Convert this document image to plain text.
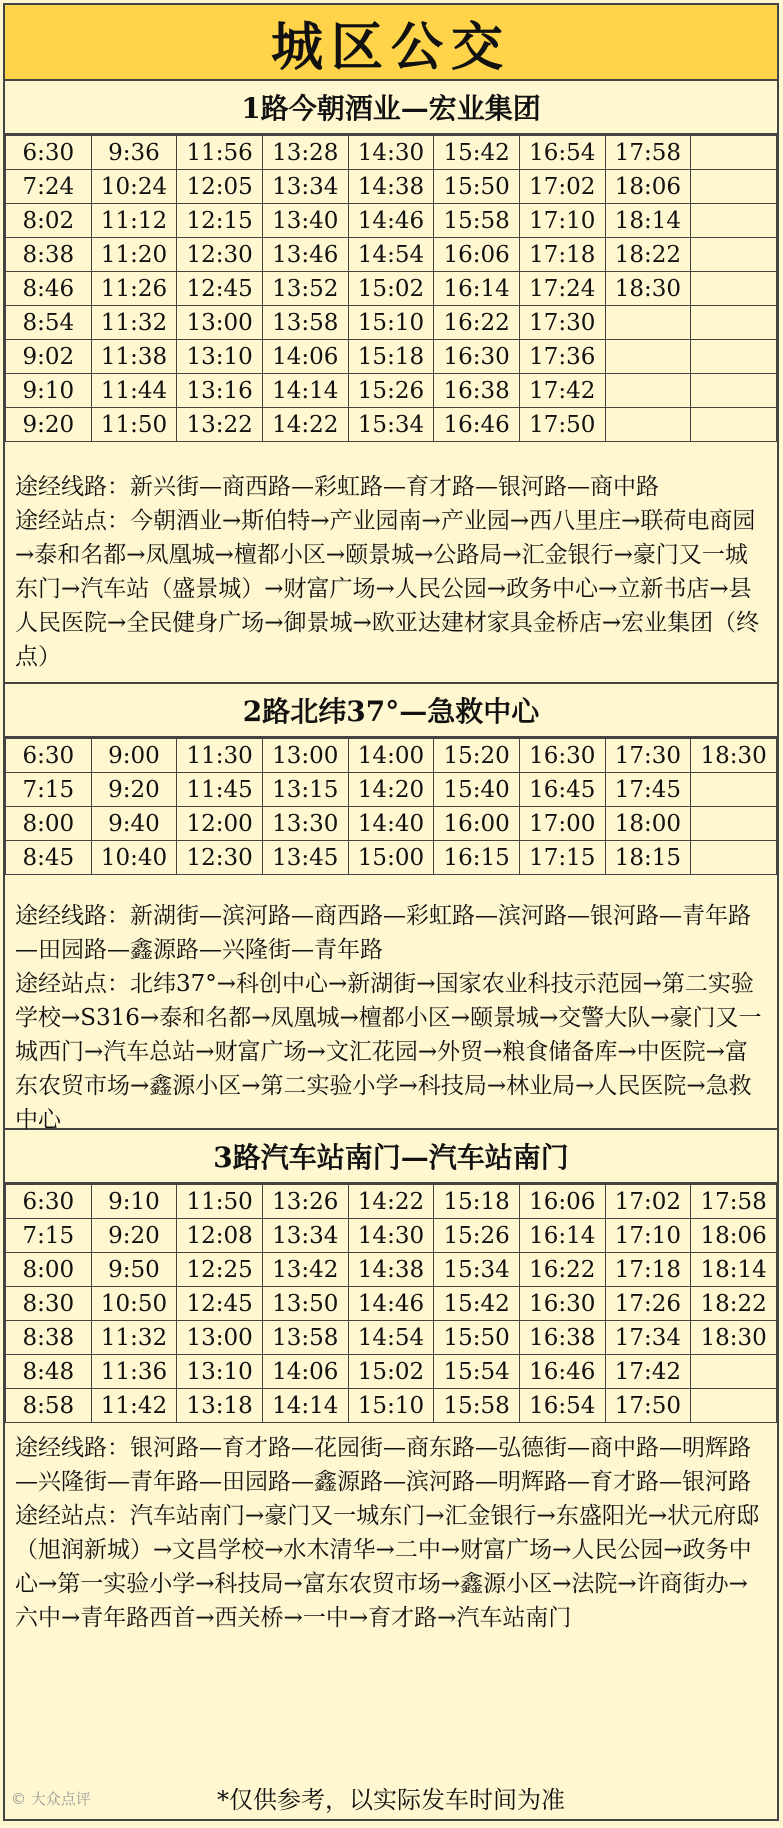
城区公交
1路今朝酒业—宏业集团
6:30	9:36	11:56	13:28	14:30	15:42	16:54	17:58	
7:24	10:24	12:05	13:34	14:38	15:50	17:02	18:06	
8:02	11:12	12:15	13:40	14:46	15:58	17:10	18:14	
8:38	11:20	12:30	13:46	14:54	16:06	17:18	18:22	
8:46	11:26	12:45	13:52	15:02	16:14	17:24	18:30	
8:54	11:32	13:00	13:58	15:10	16:22	17:30		
9:02	11:38	13:10	14:06	15:18	16:30	17:36		
9:10	11:44	13:16	14:14	15:26	16:38	17:42		
9:20	11:50	13:22	14:22	15:34	16:46	17:50		

途经线路：新兴街—商西路—彩虹路—育才路—银河路—商中路

途经站点：今朝酒业→斯伯特→产业园南→产业园→西八里庄→联荷电商园→泰和名都→凤凰城→檀都小区→颐景城→公路局→汇金银行→豪门又一城东门→汽车站（盛景城）→财富广场→人民公园→政务中心→立新书店→县人民医院→全民健身广场→御景城→欧亚达建材家具金桥店→宏业集团（终点）

2路北纬37°—急救中心
6:30	9:00	11:30	13:00	14:00	15:20	16:30	17:30	18:30
7:15	9:20	11:45	13:15	14:20	15:40	16:45	17:45	
8:00	9:40	12:00	13:30	14:40	16:00	17:00	18:00	
8:45	10:40	12:30	13:45	15:00	16:15	17:15	18:15	

途经线路：新湖街—滨河路—商西路—彩虹路—滨河路—银河路—青年路—田园路—鑫源路—兴隆街—青年路

途经站点：北纬37°→科创中心→新湖街→国家农业科技示范园→第二实验学校→S316→泰和名都→凤凰城→檀都小区→颐景城→交警大队→豪门又一城西门→汽车总站→财富广场→文汇花园→外贸→粮食储备库→中医院→富东农贸市场→鑫源小区→第二实验小学→科技局→林业局→人民医院→急救中心

3路汽车站南门—汽车站南门
6:30	9:10	11:50	13:26	14:22	15:18	16:06	17:02	17:58
7:15	9:20	12:08	13:34	14:30	15:26	16:14	17:10	18:06
8:00	9:50	12:25	13:42	14:38	15:34	16:22	17:18	18:14
8:30	10:50	12:45	13:50	14:46	15:42	16:30	17:26	18:22
8:38	11:32	13:00	13:58	14:54	15:50	16:38	17:34	18:30
8:48	11:36	13:10	14:06	15:02	15:54	16:46	17:42	
8:58	11:42	13:18	14:14	15:10	15:58	16:54	17:50	

途经线路：银河路—育才路—花园街—商东路—弘德街—商中路—明辉路—兴隆街—青年路—田园路—鑫源路—滨河路—明辉路—育才路—银河路

途经站点：汽车站南门→豪门又一城东门→汇金银行→东盛阳光→状元府邸（旭润新城）→文昌学校→水木清华→二中→财富广场→人民公园→政务中心→第一实验小学→科技局→富东农贸市场→鑫源小区→法院→许商街办→六中→青年路西首→西关桥→一中→育才路→汽车站南门

*仅供参考，以实际发车时间为准
© 大众点评
